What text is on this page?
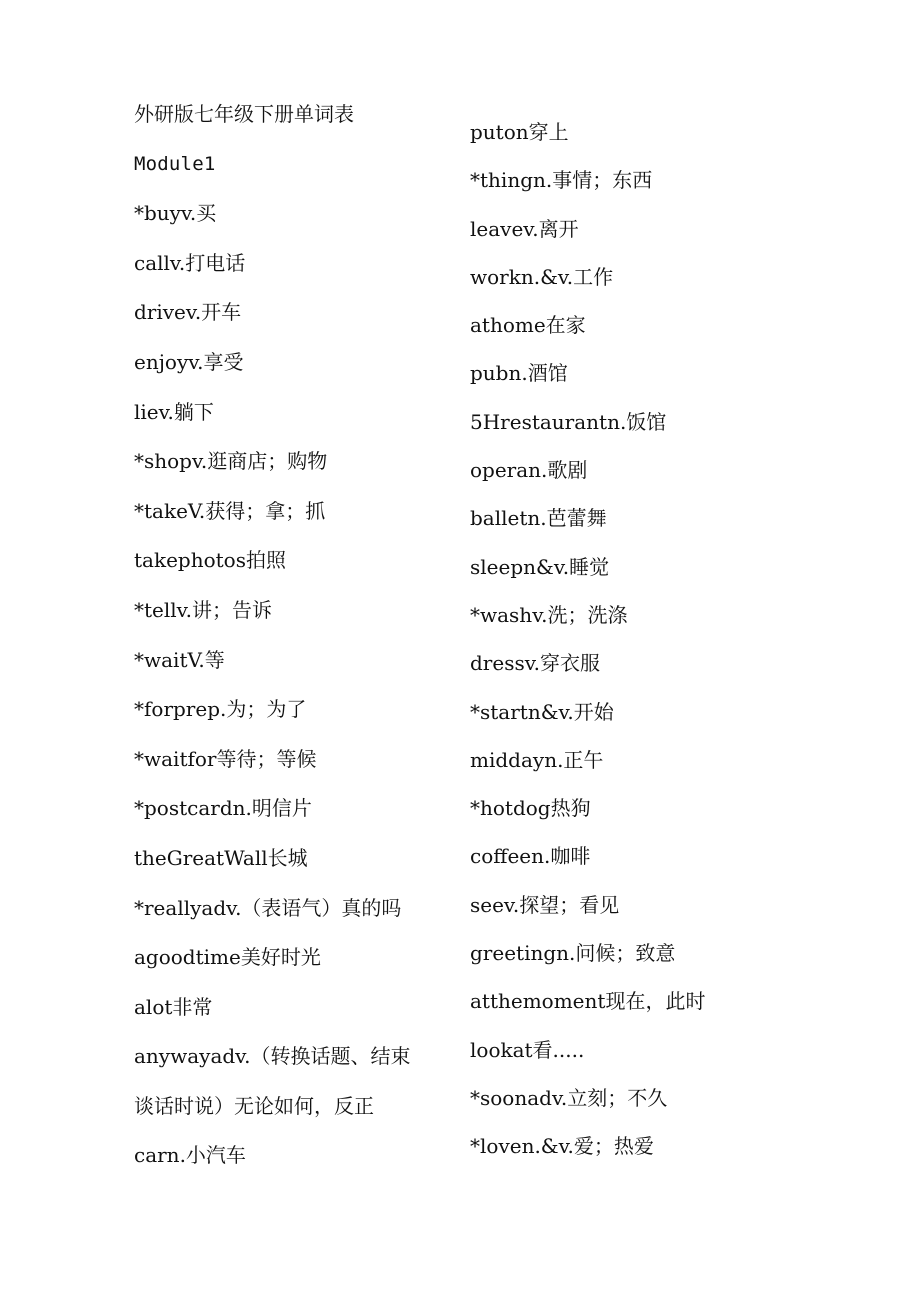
外研版七年级下册单词表
Module1
*buyv.买
callv.打电话
drivev.开车
enjoyv.享受
liev.躺下
*shopv.逛商店；购物
*takeV.获得；拿；抓
takephotos拍照
*tellv.讲；告诉
*waitV.等
*forprep.为；为了
*waitfor等待；等候
*postcardn.明信片
theGreatWall长城
*reallyadv.（表语气）真的吗
agoodtime美好时光
alot非常
anywayadv.（转换话题、结束
谈话时说）无论如何，反正
carn.小汽车
puton穿上
*thingn.事情；东西
leavev.离开
workn.&v.工作
athome在家
pubn.酒馆
5Hrestaurantn.饭馆
operan.歌剧
balletn.芭蕾舞
sleepn&v.睡觉
*washv.洗；洗涤
dressv.穿衣服
*startn&v.开始
middayn.正午
*hotdog热狗
coffeen.咖啡
seev.探望；看见
greetingn.问候；致意
atthemoment现在，此时
lookat看.....
*soonadv.立刻；不久
*loven.&v.爱；热爱
